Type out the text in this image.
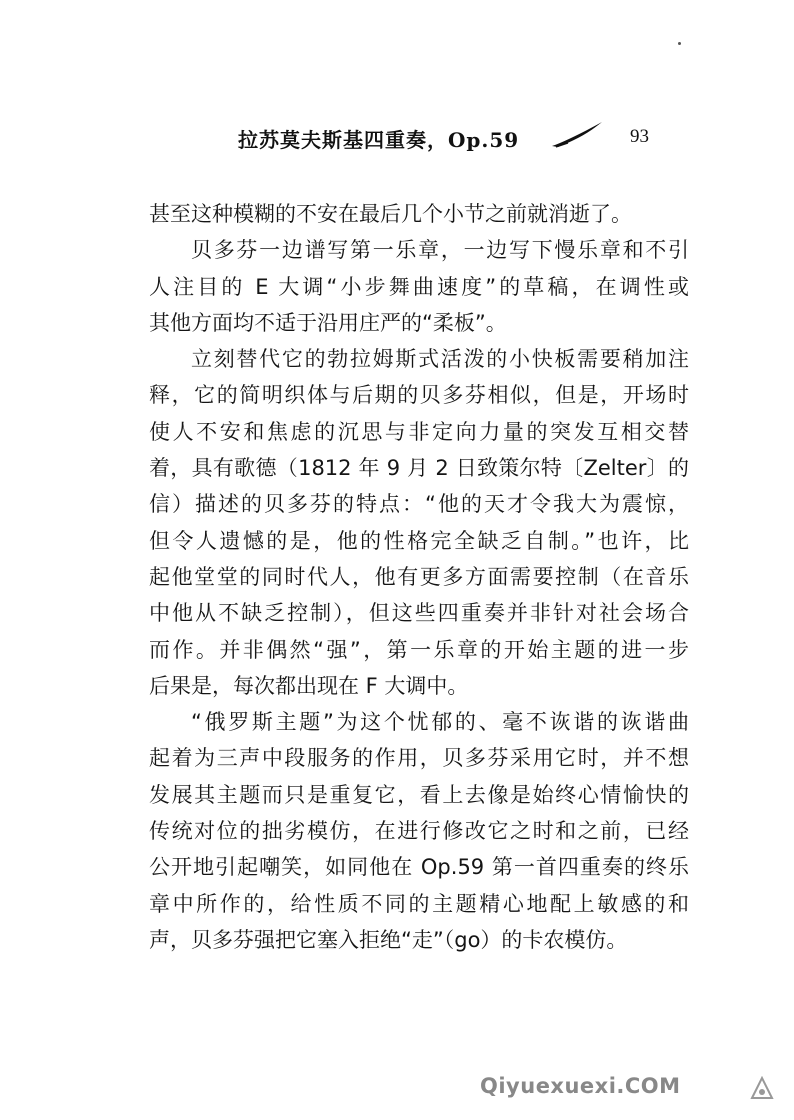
拉苏莫夫斯基四重奏，Op.59	93
甚至这种模糊的不安在最后几个小节之前就消逝了。
贝多芬一边谱写第一乐章，一边写下慢乐章和不引
人注目的 E 大调“小步舞曲速度”的草稿，在调性或
其他方面均不适于沿用庄严的“柔板”。
立刻替代它的勃拉姆斯式活泼的小快板需要稍加注
释，它的简明织体与后期的贝多芬相似，但是，开场时
使人不安和焦虑的沉思与非定向力量的突发互相交替
着，具有歌德（1812 年 9 月 2 日致策尔特〔Zelter〕的
信）描述的贝多芬的特点：“他的天才令我大为震惊，
但令人遗憾的是，他的性格完全缺乏自制。”也许，比
起他堂堂的同时代人，他有更多方面需要控制（在音乐
中他从不缺乏控制），但这些四重奏并非针对社会场合
而作。并非偶然“强”，第一乐章的开始主题的进一步
后果是，每次都出现在 F 大调中。
“俄罗斯主题”为这个忧郁的、毫不诙谐的诙谐曲
起着为三声中段服务的作用，贝多芬采用它时，并不想
发展其主题而只是重复它，看上去像是始终心情愉快的
传统对位的拙劣模仿，在进行修改它之时和之前，已经
公开地引起嘲笑，如同他在 Op.59 第一首四重奏的终乐
章中所作的，给性质不同的主题精心地配上敏感的和
声，贝多芬强把它塞入拒绝“走”（go）的卡农模仿。
Qiyuexuexi.COM
